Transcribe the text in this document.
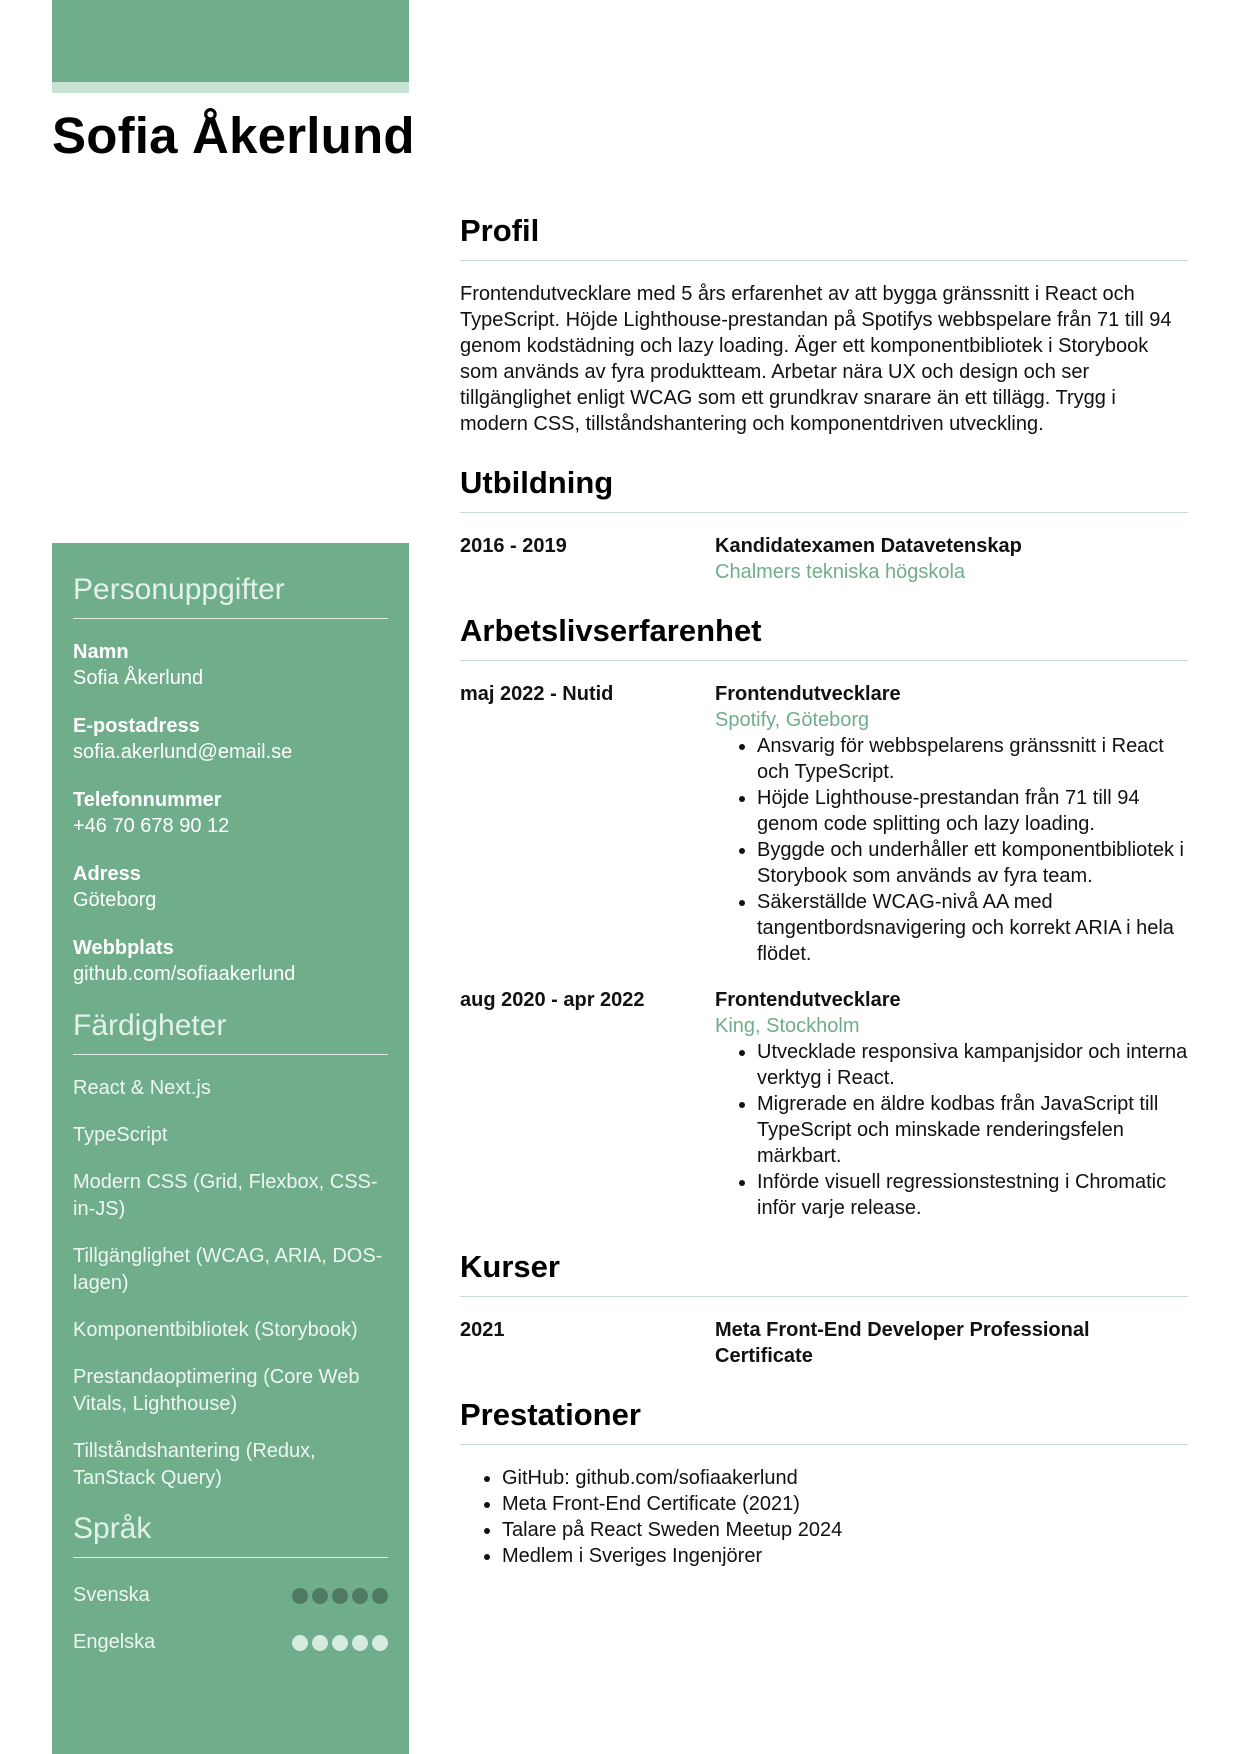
Sofia Åkerlund
Personuppgifter
Namn
Sofia Åkerlund
E-postadress
sofia.akerlund@email.se
Telefonnummer
+46 70 678 90 12
Adress
Göteborg
Webbplats
github.com/sofiaakerlund
Färdigheter
React & Next.js
TypeScript
Modern CSS (Grid, Flexbox, CSS-in-JS)
Tillgänglighet (WCAG, ARIA, DOS-lagen)
Komponentbibliotek (Storybook)
Prestandaoptimering (Core Web Vitals, Lighthouse)
Tillståndshantering (Redux, TanStack Query)
Språk
Svenska
Engelska
Profil

Frontendutvecklare med 5 års erfarenhet av att bygga gränssnitt i React och TypeScript. Höjde Lighthouse-prestandan på Spotifys webbspelare från 71 till 94 genom kodstädning och lazy loading. Äger ett komponentbibliotek i Storybook som används av fyra produktteam. Arbetar nära UX och design och ser tillgänglighet enligt WCAG som ett grundkrav snarare än ett tillägg. Trygg i modern CSS, tillståndshantering och komponentdriven utveckling.

Utbildning
2016 - 2019	Kandidatexamen Datavetenskap
Chalmers tekniska högskola
Arbetslivserfarenhet
maj 2022 - Nutid	Frontendutvecklare
Spotify, Göteborg
• Ansvarig för webbspelarens gränssnitt i React och TypeScript.
• Höjde Lighthouse-prestandan från 71 till 94 genom code splitting och lazy loading.
• Byggde och underhåller ett komponentbibliotek i Storybook som används av fyra team.
• Säkerställde WCAG-nivå AA med tangentbordsnavigering och korrekt ARIA i hela flödet.
aug 2020 - apr 2022	Frontendutvecklare
King, Stockholm
• Utvecklade responsiva kampanjsidor och interna verktyg i React.
• Migrerade en äldre kodbas från JavaScript till TypeScript och minskade renderingsfelen märkbart.
• Införde visuell regressionstestning i Chromatic inför varje release.
Kurser
2021	Meta Front-End Developer Professional Certificate
Prestationer
• GitHub: github.com/sofiaakerlund
• Meta Front-End Certificate (2021)
• Talare på React Sweden Meetup 2024
• Medlem i Sveriges Ingenjörer
